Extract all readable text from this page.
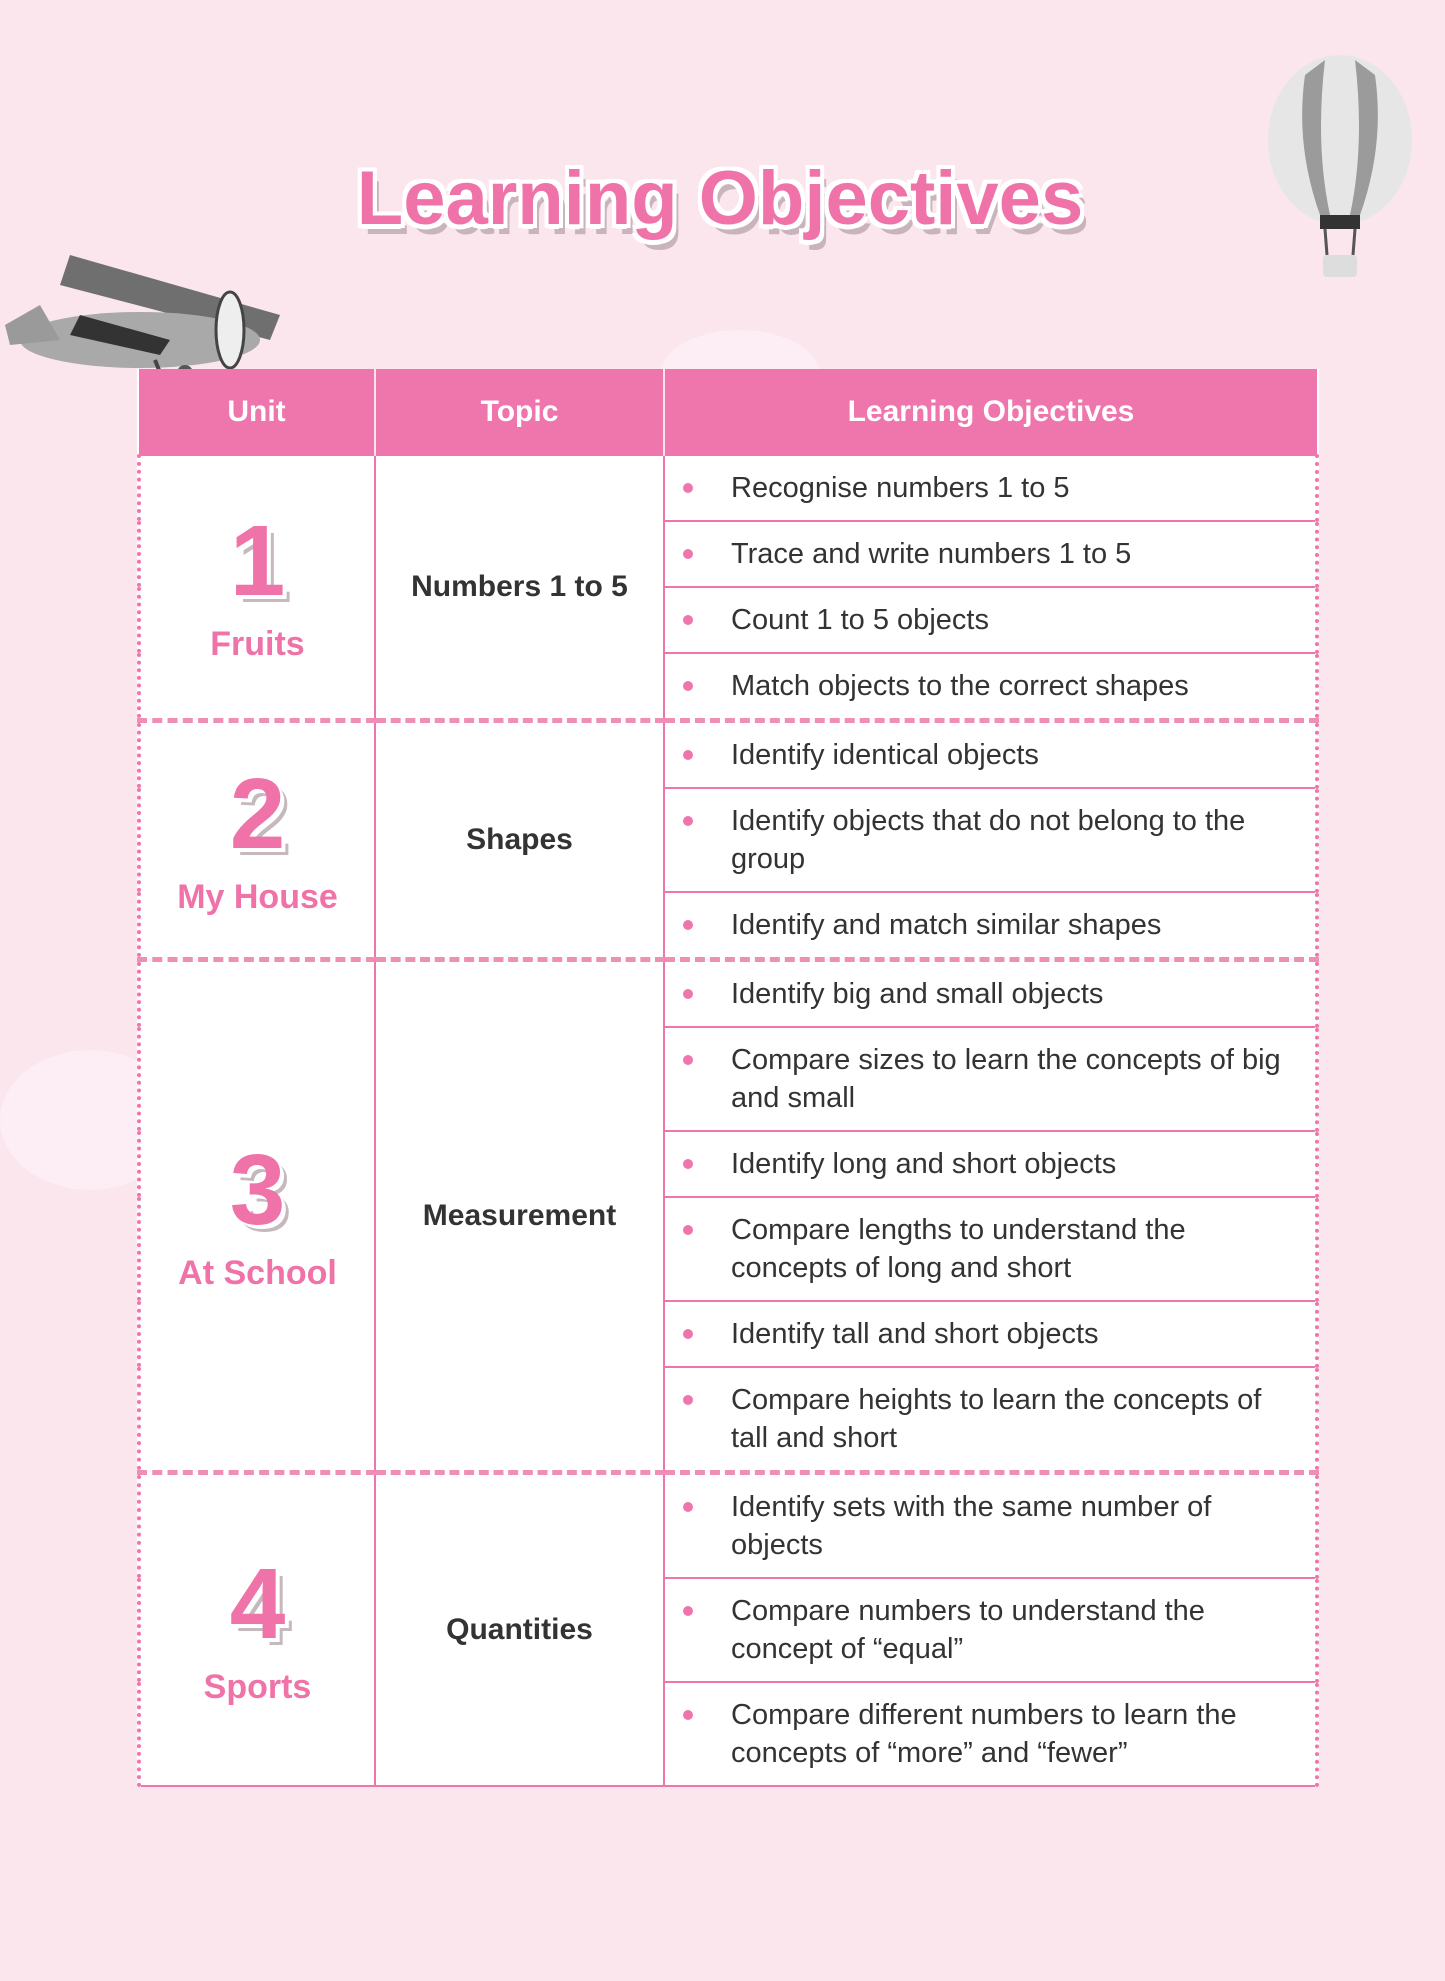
Learning Objectives
Unit	Topic	Learning Objectives

1
Fruits	Numbers 1 to 5	Recognise numbers 1 to 5

		Trace and write numbers 1 to 5

		Count 1 to 5 objects

		Match objects to the correct shapes

2
My House	Shapes	Identify identical objects

		Identify objects that do not belong to the group

		Identify and match similar shapes

3
At School	Measurement	Identify big and small objects

		Compare sizes to learn the concepts of big and small

		Identify long and short objects

		Compare lengths to understand the concepts of long and short

		Identify tall and short objects

		Compare heights to learn the concepts of tall and short

4
Sports	Quantities	Identify sets with the same number of objects

		Compare numbers to understand the concept of “equal”

		Compare different numbers to learn the concepts of “more” and “fewer”
